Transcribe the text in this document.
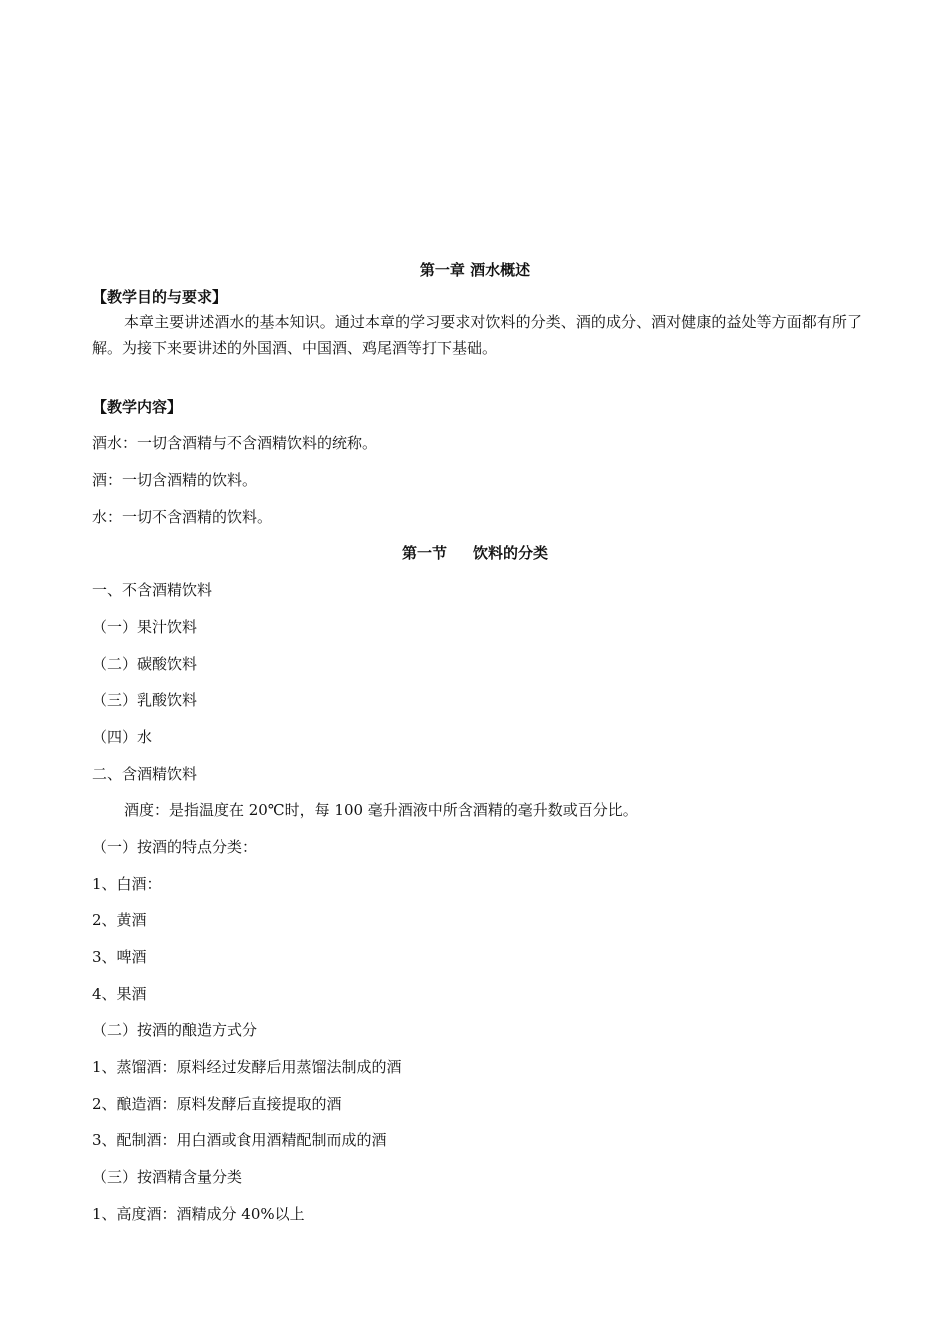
第一章 酒水概述
【教学目的与要求】
本章主要讲述酒水的基本知识。通过本章的学习要求对饮料的分类、酒的成分、酒对健康的益处等方面都有所了解。为接下来要讲述的外国酒、中国酒、鸡尾酒等打下基础。
【教学内容】
酒水：一切含酒精与不含酒精饮料的统称。
酒：一切含酒精的饮料。
水：一切不含酒精的饮料。
第一节 饮料的分类
一、不含酒精饮料
（一）果汁饮料
（二）碳酸饮料
（三）乳酸饮料
（四）水
二、含酒精饮料
酒度：是指温度在 20℃时，每 100 毫升酒液中所含酒精的毫升数或百分比。
（一）按酒的特点分类：
1、白酒：
2、黄酒
3、啤酒
4、果酒
（二）按酒的酿造方式分
1、蒸馏酒：原料经过发酵后用蒸馏法制成的酒
2、酿造酒：原料发酵后直接提取的酒
3、配制酒：用白酒或食用酒精配制而成的酒
（三）按酒精含量分类
1、高度酒：酒精成分 40%以上
